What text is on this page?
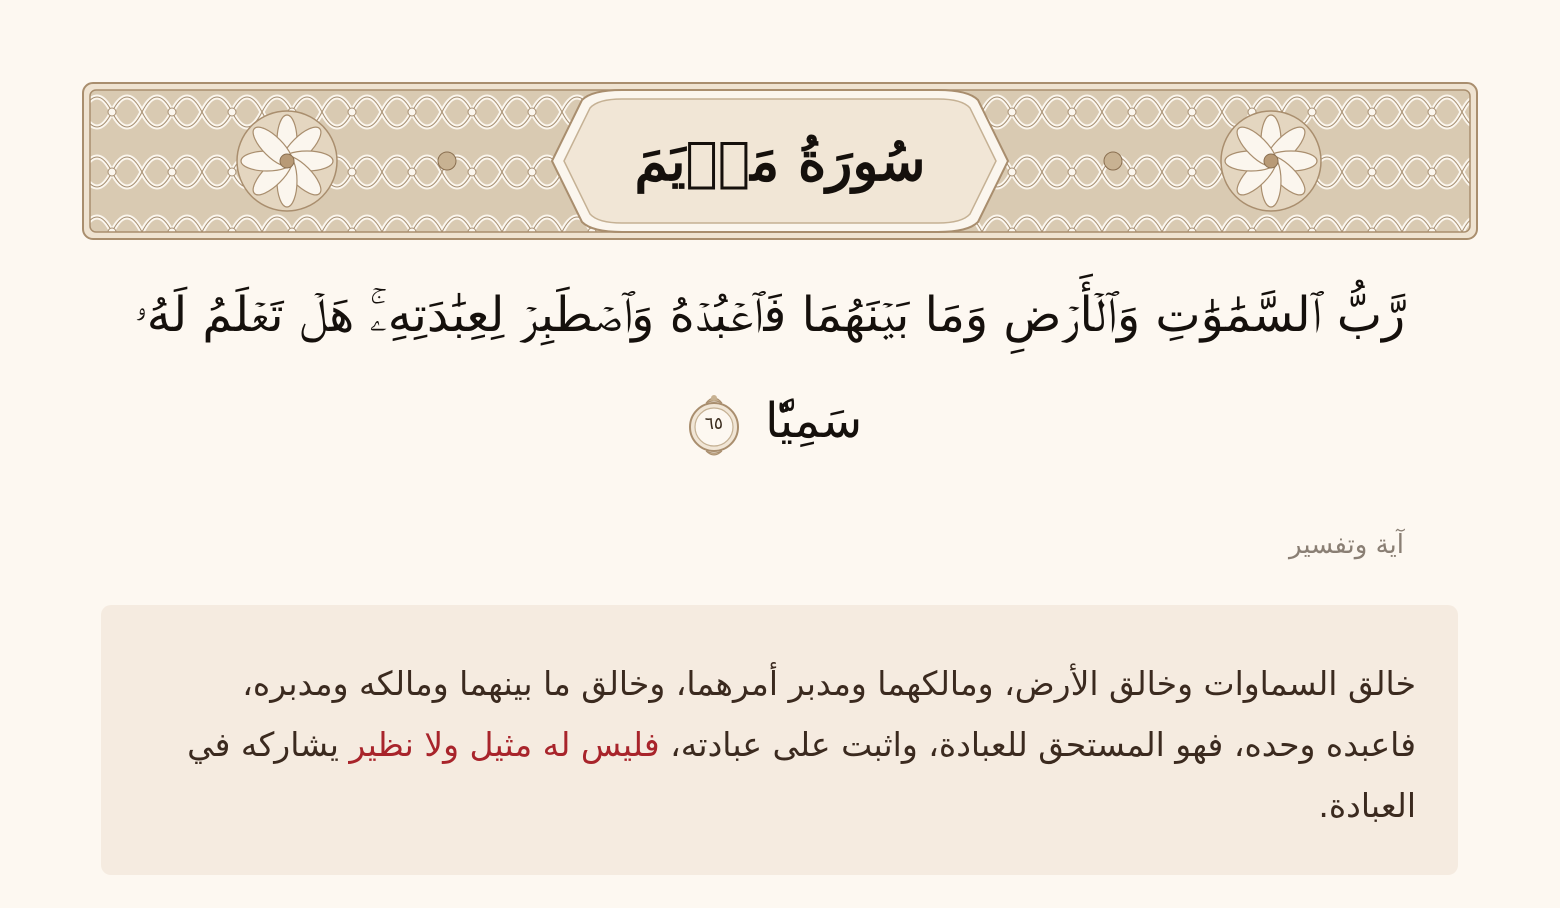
سُورَةُ مَرۡيَمَ
رَّبُّ ٱلسَّمَٰوَٰتِ وَٱلۡأَرۡضِ وَمَا بَيۡنَهُمَا فَٱعۡبُدۡهُ وَٱصۡطَبِرۡ لِعِبَٰدَتِهِۦۚ هَلۡ تَعۡلَمُ لَهُۥ سَمِيّٗا
٦٥
آية وتفسير
خالق السماوات وخالق الأرض، ومالكهما ومدبر أمرهما، وخالق ما بينهما ومالكه ومدبره، فاعبده وحده، فهو المستحق للعبادة، واثبت على عبادته، فليس له مثيل ولا نظير يشاركه في العبادة.
